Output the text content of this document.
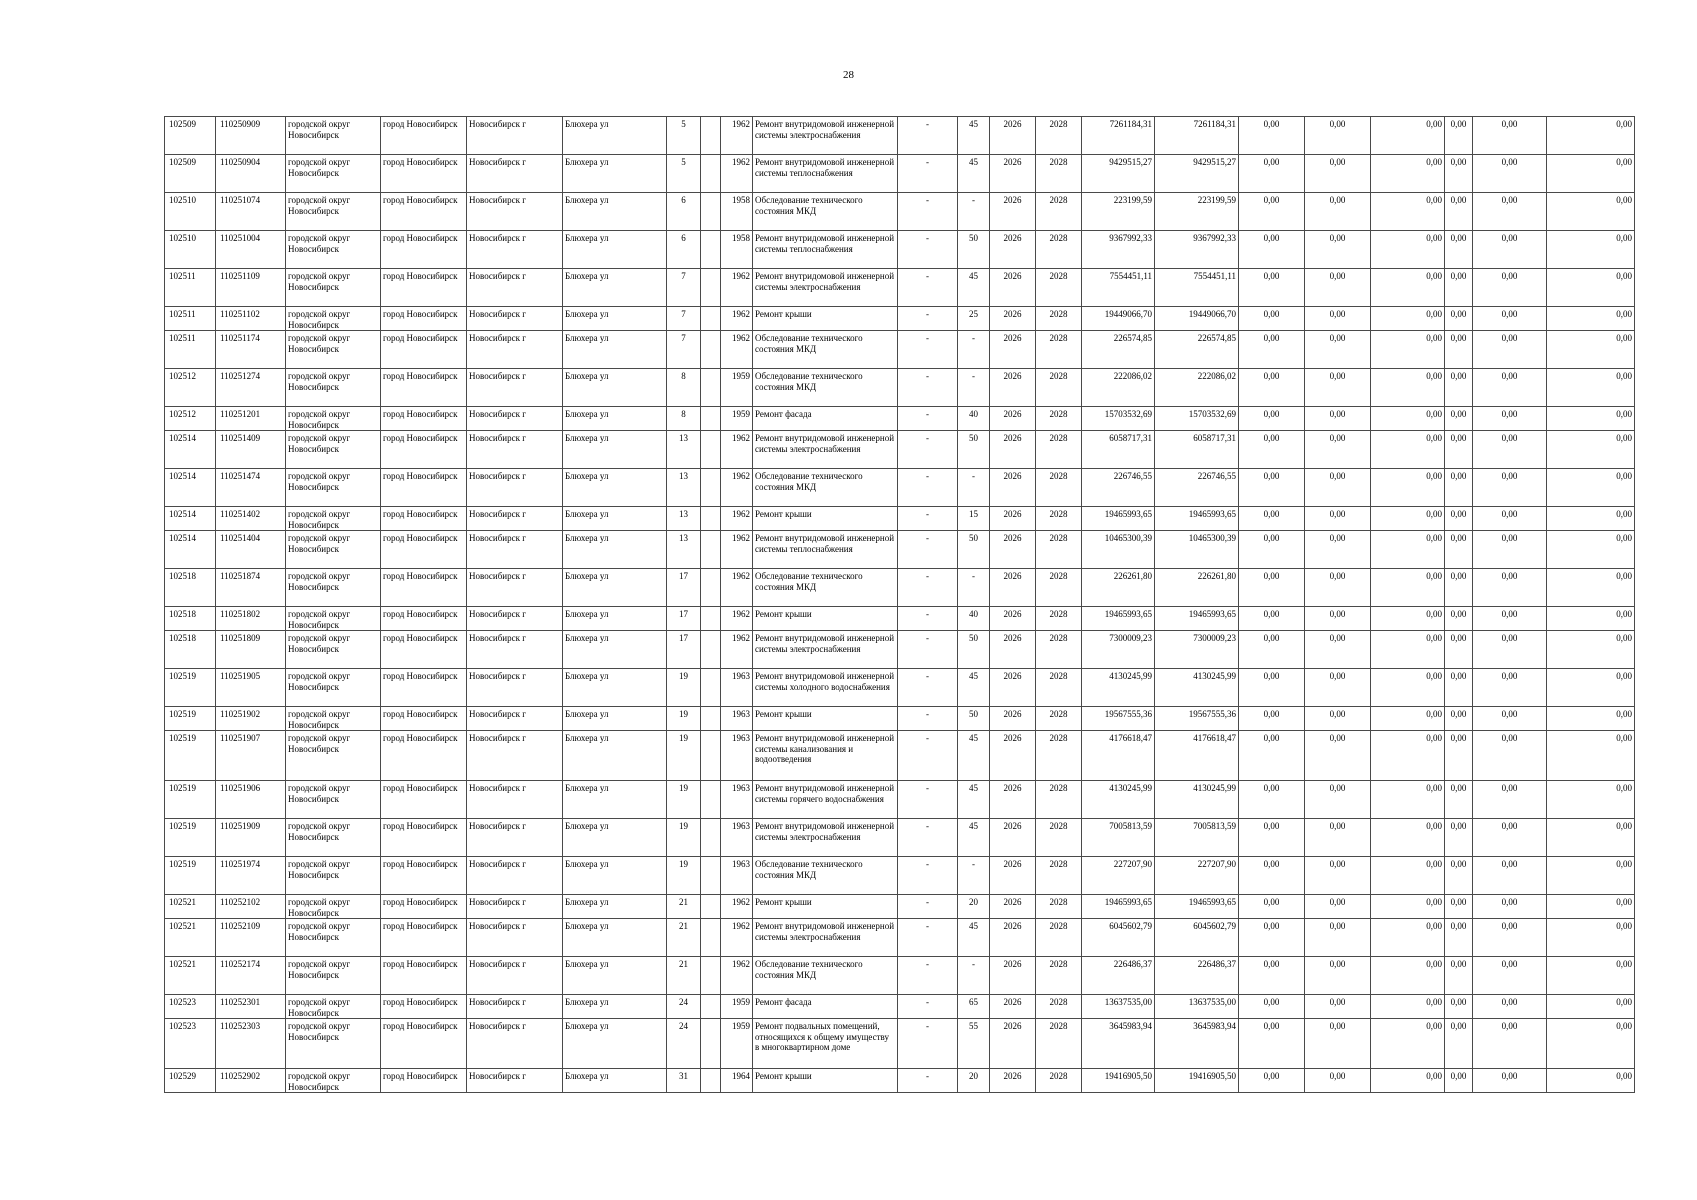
28
102509	110250909	городской округ Новосибирск	город Новосибирск	Новосибирск г	Блюхера ул	5		1962	Ремонт внутридомовой инженерной системы электроснабжения	-	45	2026	2028	7261184,31	7261184,31	0,00	0,00	0,00	0,00	0,00	0,00
102509	110250904	городской округ Новосибирск	город Новосибирск	Новосибирск г	Блюхера ул	5		1962	Ремонт внутридомовой инженерной системы теплоснабжения	-	45	2026	2028	9429515,27	9429515,27	0,00	0,00	0,00	0,00	0,00	0,00
102510	110251074	городской округ Новосибирск	город Новосибирск	Новосибирск г	Блюхера ул	6		1958	Обследование технического состояния МКД	-	-	2026	2028	223199,59	223199,59	0,00	0,00	0,00	0,00	0,00	0,00
102510	110251004	городской округ Новосибирск	город Новосибирск	Новосибирск г	Блюхера ул	6		1958	Ремонт внутридомовой инженерной системы теплоснабжения	-	50	2026	2028	9367992,33	9367992,33	0,00	0,00	0,00	0,00	0,00	0,00
102511	110251109	городской округ Новосибирск	город Новосибирск	Новосибирск г	Блюхера ул	7		1962	Ремонт внутридомовой инженерной системы электроснабжения	-	45	2026	2028	7554451,11	7554451,11	0,00	0,00	0,00	0,00	0,00	0,00
102511	110251102	городской округ Новосибирск	город Новосибирск	Новосибирск г	Блюхера ул	7		1962	Ремонт крыши	-	25	2026	2028	19449066,70	19449066,70	0,00	0,00	0,00	0,00	0,00	0,00
102511	110251174	городской округ Новосибирск	город Новосибирск	Новосибирск г	Блюхера ул	7		1962	Обследование технического состояния МКД	-	-	2026	2028	226574,85	226574,85	0,00	0,00	0,00	0,00	0,00	0,00
102512	110251274	городской округ Новосибирск	город Новосибирск	Новосибирск г	Блюхера ул	8		1959	Обследование технического состояния МКД	-	-	2026	2028	222086,02	222086,02	0,00	0,00	0,00	0,00	0,00	0,00
102512	110251201	городской округ Новосибирск	город Новосибирск	Новосибирск г	Блюхера ул	8		1959	Ремонт фасада	-	40	2026	2028	15703532,69	15703532,69	0,00	0,00	0,00	0,00	0,00	0,00
102514	110251409	городской округ Новосибирск	город Новосибирск	Новосибирск г	Блюхера ул	13		1962	Ремонт внутридомовой инженерной системы электроснабжения	-	50	2026	2028	6058717,31	6058717,31	0,00	0,00	0,00	0,00	0,00	0,00
102514	110251474	городской округ Новосибирск	город Новосибирск	Новосибирск г	Блюхера ул	13		1962	Обследование технического состояния МКД	-	-	2026	2028	226746,55	226746,55	0,00	0,00	0,00	0,00	0,00	0,00
102514	110251402	городской округ Новосибирск	город Новосибирск	Новосибирск г	Блюхера ул	13		1962	Ремонт крыши	-	15	2026	2028	19465993,65	19465993,65	0,00	0,00	0,00	0,00	0,00	0,00
102514	110251404	городской округ Новосибирск	город Новосибирск	Новосибирск г	Блюхера ул	13		1962	Ремонт внутридомовой инженерной системы теплоснабжения	-	50	2026	2028	10465300,39	10465300,39	0,00	0,00	0,00	0,00	0,00	0,00
102518	110251874	городской округ Новосибирск	город Новосибирск	Новосибирск г	Блюхера ул	17		1962	Обследование технического состояния МКД	-	-	2026	2028	226261,80	226261,80	0,00	0,00	0,00	0,00	0,00	0,00
102518	110251802	городской округ Новосибирск	город Новосибирск	Новосибирск г	Блюхера ул	17		1962	Ремонт крыши	-	40	2026	2028	19465993,65	19465993,65	0,00	0,00	0,00	0,00	0,00	0,00
102518	110251809	городской округ Новосибирск	город Новосибирск	Новосибирск г	Блюхера ул	17		1962	Ремонт внутридомовой инженерной системы электроснабжения	-	50	2026	2028	7300009,23	7300009,23	0,00	0,00	0,00	0,00	0,00	0,00
102519	110251905	городской округ Новосибирск	город Новосибирск	Новосибирск г	Блюхера ул	19		1963	Ремонт внутридомовой инженерной системы холодного водоснабжения	-	45	2026	2028	4130245,99	4130245,99	0,00	0,00	0,00	0,00	0,00	0,00
102519	110251902	городской округ Новосибирск	город Новосибирск	Новосибирск г	Блюхера ул	19		1963	Ремонт крыши	-	50	2026	2028	19567555,36	19567555,36	0,00	0,00	0,00	0,00	0,00	0,00
102519	110251907	городской округ Новосибирск	город Новосибирск	Новосибирск г	Блюхера ул	19		1963	Ремонт внутридомовой инженерной системы канализования и водоотведения	-	45	2026	2028	4176618,47	4176618,47	0,00	0,00	0,00	0,00	0,00	0,00
102519	110251906	городской округ Новосибирск	город Новосибирск	Новосибирск г	Блюхера ул	19		1963	Ремонт внутридомовой инженерной системы горячего водоснабжения	-	45	2026	2028	4130245,99	4130245,99	0,00	0,00	0,00	0,00	0,00	0,00
102519	110251909	городской округ Новосибирск	город Новосибирск	Новосибирск г	Блюхера ул	19		1963	Ремонт внутридомовой инженерной системы электроснабжения	-	45	2026	2028	7005813,59	7005813,59	0,00	0,00	0,00	0,00	0,00	0,00
102519	110251974	городской округ Новосибирск	город Новосибирск	Новосибирск г	Блюхера ул	19		1963	Обследование технического состояния МКД	-	-	2026	2028	227207,90	227207,90	0,00	0,00	0,00	0,00	0,00	0,00
102521	110252102	городской округ Новосибирск	город Новосибирск	Новосибирск г	Блюхера ул	21		1962	Ремонт крыши	-	20	2026	2028	19465993,65	19465993,65	0,00	0,00	0,00	0,00	0,00	0,00
102521	110252109	городской округ Новосибирск	город Новосибирск	Новосибирск г	Блюхера ул	21		1962	Ремонт внутридомовой инженерной системы электроснабжения	-	45	2026	2028	6045602,79	6045602,79	0,00	0,00	0,00	0,00	0,00	0,00
102521	110252174	городской округ Новосибирск	город Новосибирск	Новосибирск г	Блюхера ул	21		1962	Обследование технического состояния МКД	-	-	2026	2028	226486,37	226486,37	0,00	0,00	0,00	0,00	0,00	0,00
102523	110252301	городской округ Новосибирск	город Новосибирск	Новосибирск г	Блюхера ул	24		1959	Ремонт фасада	-	65	2026	2028	13637535,00	13637535,00	0,00	0,00	0,00	0,00	0,00	0,00
102523	110252303	городской округ Новосибирск	город Новосибирск	Новосибирск г	Блюхера ул	24		1959	Ремонт подвальных помещений, относящихся к общему имуществу в многоквартирном доме	-	55	2026	2028	3645983,94	3645983,94	0,00	0,00	0,00	0,00	0,00	0,00
102529	110252902	городской округ Новосибирск	город Новосибирск	Новосибирск г	Блюхера ул	31		1964	Ремонт крыши	-	20	2026	2028	19416905,50	19416905,50	0,00	0,00	0,00	0,00	0,00	0,00
